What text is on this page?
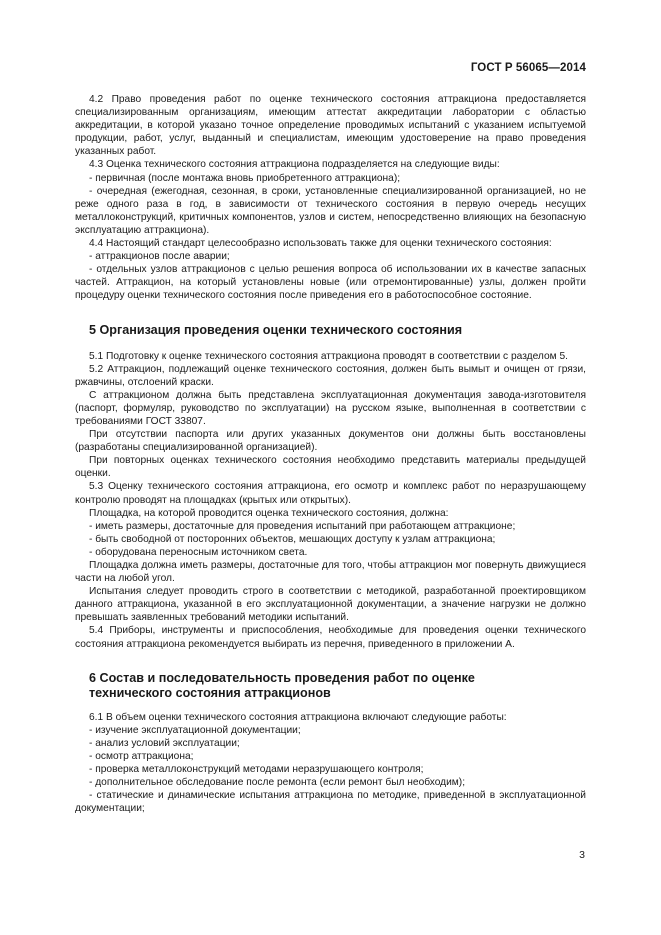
ГОСТ Р 56065—2014

4.2 Право проведения работ по оценке технического состояния аттракциона предоставляется специализированным организациям, имеющим аттестат аккредитации лаборатории с областью аккредитации, в которой указано точное определение проводимых испытаний с указанием испытуемой продукции, работ, услуг, выданный и специалистам, имеющим удостоверение на право проведения указанных работ.

4.3 Оценка технического состояния аттракциона подразделяется на следующие виды:

- первичная (после монтажа вновь приобретенного аттракциона);

- очередная (ежегодная, сезонная, в сроки, установленные специализированной организацией, но не реже одного раза в год, в зависимости от технического состояния в первую очередь несущих металлоконструкций, критичных компонентов, узлов и систем, непосредственно влияющих на безопасную эксплуатацию аттракциона).

4.4 Настоящий стандарт целесообразно использовать также для оценки технического состояния:

- аттракционов после аварии;

- отдельных узлов аттракционов с целью решения вопроса об использовании их в качестве запасных частей. Аттракцион, на который установлены новые (или отремонтированные) узлы, должен пройти процедуру оценки технического состояния после приведения его в работоспособное состояние.

5 Организация проведения оценки технического состояния

5.1 Подготовку к оценке технического состояния аттракциона проводят в соответствии с разделом 5.

5.2 Аттракцион, подлежащий оценке технического состояния, должен быть вымыт и очищен от грязи, ржавчины, отслоений краски.

С аттракционом должна быть представлена эксплуатационная документация завода-изготовителя (паспорт, формуляр, руководство по эксплуатации) на русском языке, выполненная в соответствии с требованиями ГОСТ 33807.

При отсутствии паспорта или других указанных документов они должны быть восстановлены (разработаны специализированной организацией).

При повторных оценках технического состояния необходимо представить материалы предыдущей оценки.

5.3 Оценку технического состояния аттракциона, его осмотр и комплекс работ по неразрушающему контролю проводят на площадках (крытых или открытых).

Площадка, на которой проводится оценка технического состояния, должна:

- иметь размеры, достаточные для проведения испытаний при работающем аттракционе;

- быть свободной от посторонних объектов, мешающих доступу к узлам аттракциона;

- оборудована переносным источником света.

Площадка должна иметь размеры, достаточные для того, чтобы аттракцион мог повернуть движущиеся части на любой угол.

Испытания следует проводить строго в соответствии с методикой, разработанной проектировщиком данного аттракциона, указанной в его эксплуатационной документации, а значение нагрузки не должно превышать заявленных требований методики испытаний.

5.4 Приборы, инструменты и приспособления, необходимые для проведения оценки технического состояния аттракциона рекомендуется выбирать из перечня, приведенного в приложении А.

6 Состав и последовательность проведения работ по оценке
технического состояния аттракционов

6.1 В объем оценки технического состояния аттракциона включают следующие работы:

- изучение эксплуатационной документации;

- анализ условий эксплуатации;

- осмотр аттракциона;

- проверка металлоконструкций методами неразрушающего контроля;

- дополнительное обследование после ремонта (если ремонт был необходим);

- статические и динамические испытания аттракциона по методике, приведенной в эксплуатационной документации;

3
